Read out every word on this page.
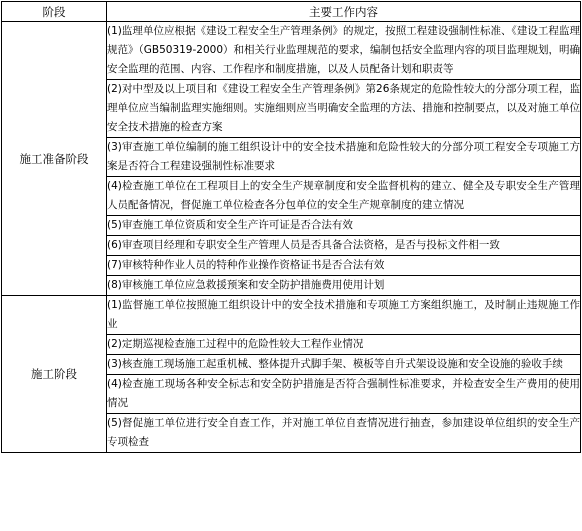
阶段	主要工作内容
施工准备阶段	(1)监理单位应根据《建设工程安全生产管理条例》的规定，按照工程建设强制性标准、《建设工程监理规范》（GB50319-2000）和相关行业监理规范的要求，编制包括安全监理内容的项目监理规划，明确安全监理的范围、内容、工作程序和制度措施，以及人员配备计划和职责等
	(2)对中型及以上项目和《建设工程安全生产管理条例》第26条规定的危险性较大的分部分项工程，监理单位应当编制监理实施细则。实施细则应当明确安全监理的方法、措施和控制要点，以及对施工单位安全技术措施的检查方案
	(3)审查施工单位编制的施工组织设计中的安全技术措施和危险性较大的分部分项工程安全专项施工方案是否符合工程建设强制性标准要求
	(4)检查施工单位在工程项目上的安全生产规章制度和安全监督机构的建立、健全及专职安全生产管理人员配备情况，督促施工单位检查各分包单位的安全生产规章制度的建立情况
	(5)审查施工单位资质和安全生产许可证是否合法有效
	(6)审查项目经理和专职安全生产管理人员是否具备合法资格，是否与投标文件相一致
	(7)审核特种作业人员的特种作业操作资格证书是否合法有效
	(8)审核施工单位应急救援预案和安全防护措施费用使用计划
施工阶段	(1)监督施工单位按照施工组织设计中的安全技术措施和专项施工方案组织施工，及时制止违规施工作业
	(2)定期巡视检查施工过程中的危险性较大工程作业情况
	(3)核查施工现场施工起重机械、整体提升式脚手架、模板等自升式架设设施和安全设施的验收手续
	(4)检查施工现场各种安全标志和安全防护措施是否符合强制性标准要求，并检查安全生产费用的使用情况
	(5)督促施工单位进行安全自查工作，并对施工单位自查情况进行抽查，参加建设单位组织的安全生产专项检查
